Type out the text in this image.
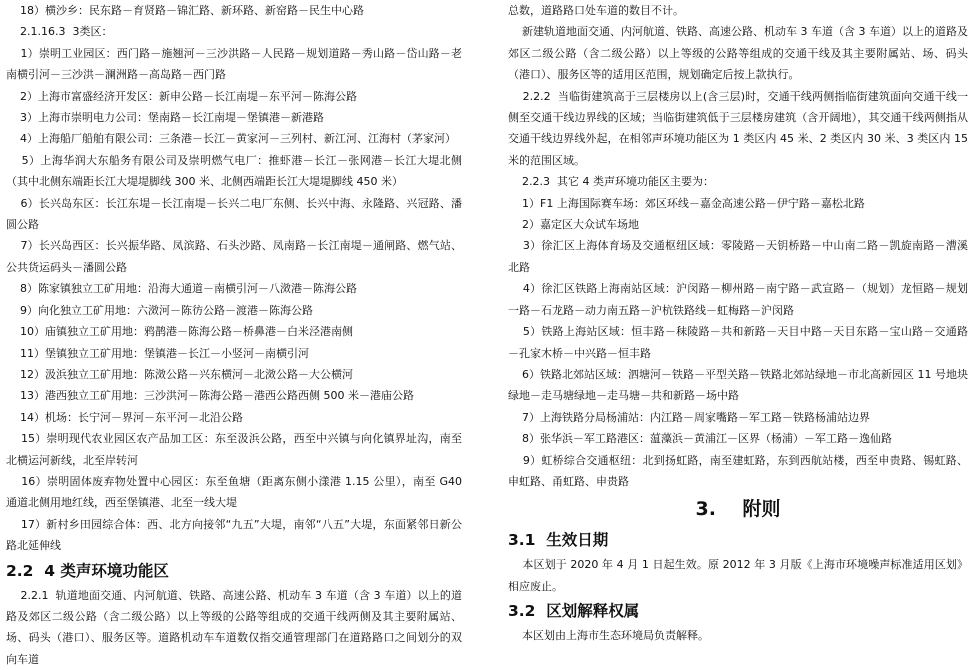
18）横沙乡：民东路－育贤路－锦汇路、新环路、新窑路－民生中心路

2.1.16.3  3类区：

1）崇明工业园区：西门路－施翘河－三沙洪路－人民路－规划道路－秀山路－岱山路－老南横引河－三沙洪－澜洲路－高岛路－西门路

2）上海市富盛经济开发区：新申公路－长江南堤－东平河－陈海公路

3）上海市崇明电力公司：堡南路－长江南堤－堡镇港－新港路

4）上海船厂船舶有限公司：三条港－长江－黄家河－三列村、新江河、江海村（茅家河）

5）上海华润大东船务有限公司及崇明燃气电厂：推虾港－长江－张网港－长江大堤北侧（其中北侧东端距长江大堤堤脚线 300 米、北侧西端距长江大堤堤脚线 450 米）

6）长兴岛东区：长江东堤－长江南堤－长兴二电厂东侧、长兴中海、永隆路、兴冠路、潘圆公路

7）长兴岛西区：长兴振华路、凤滨路、石头沙路、凤南路－长江南堤－通闸路、燃气站、公共货运码头－潘圆公路

8）陈家镇独立工矿用地：沿海大通道－南横引河－八滧港－陈海公路

9）向化独立工矿用地：六滧河－陈彷公路－渡港－陈海公路

10）庙镇独立工矿用地：鸦鹊港－陈海公路－桥鼻港－白米泾港南侧

11）堡镇独立工矿用地：堡镇港－长江－小竖河－南横引河

12）汲浜独立工矿用地：陈滧公路－兴东横河－北滧公路－大公横河

13）港西独立工矿用地：三沙洪河－陈海公路－港西公路西侧 500 米－港庙公路

14）机场：长宁河－界河－东平河－北沿公路

15）崇明现代农业园区农产品加工区：东至汲浜公路，西至中兴镇与向化镇界址沟，南至北横运河新线，北至岸转河

16）崇明固体废弃物处置中心园区：东至鱼塘（距离东侧小漾港 1.15 公里），南至 G40 通道北侧用地红线，西至堡镇港、北至一线大堤

17）新村乡田园综合体：西、北方向接邻“九五”大堤，南邻“八五”大堤，东面紧邻日新公路北延伸线

2.2  4 类声环境功能区

2.2.1  轨道地面交通、内河航道、铁路、高速公路、机动车 3 车道（含 3 车道）以上的道路及郊区二级公路（含二级公路）以上等级的公路等组成的交通干线两侧及其主要附属站、场、码头（港口）、服务区等。道路机动车车道数仅指交通管理部门在道路路口之间划分的双向车道

总数，道路路口处车道的数目不计。

新建轨道地面交通、内河航道、铁路、高速公路、机动车 3 车道（含 3 车道）以上的道路及郊区二级公路（含二级公路）以上等级的公路等组成的交通干线及其主要附属站、场、码头（港口）、服务区等的适用区范围，规划确定后按上款执行。

2.2.2  当临街建筑高于三层楼房以上(含三层)时，交通干线两侧指临街建筑面向交通干线一侧至交通干线边界线的区域；当临街建筑低于三层楼房建筑（含开阔地），其交通干线两侧指从交通干线边界线外起，在相邻声环境功能区为 1 类区内 45 米、2 类区内 30 米、3 类区内 15 米的范围区域。

2.2.3  其它 4 类声环境功能区主要为：

1）F1 上海国际赛车场：郊区环线－嘉金高速公路－伊宁路－嘉松北路

2）嘉定区大众试车场地

3）徐汇区上海体育场及交通枢纽区域：零陵路－天钥桥路－中山南二路－凯旋南路－漕溪北路

4）徐汇区铁路上海南站区域：沪闵路－柳州路－南宁路－武宣路－（规划）龙恒路－规划一路－石龙路－动力南五路－沪杭铁路线－虹梅路－沪闵路

5）铁路上海站区域：恒丰路－秣陵路－共和新路－天目中路－天目东路－宝山路－交通路－孔家木桥－中兴路－恒丰路

6）铁路北郊站区域：泗塘河－铁路－平型关路－铁路北郊站绿地－市北高新园区 11 号地块绿地－走马塘绿地－走马塘－共和新路－场中路

7）上海铁路分局杨浦站：内江路－周家嘴路－军工路－铁路杨浦站边界

8）张华浜－军工路港区：蕰藻浜－黄浦江－区界（杨浦）－军工路－逸仙路

9）虹桥综合交通枢纽：北到扬虹路，南至建虹路，东到西航站楼，西至申贵路、锡虹路、申虹路、甬虹路、申贵路

3.    附则
3.1  生效日期

本区划于 2020 年 4 月 1 日起生效。原 2012 年 3 月版《上海市环境噪声标准适用区划》相应废止。

3.2  区划解释权属

本区划由上海市生态环境局负责解释。
